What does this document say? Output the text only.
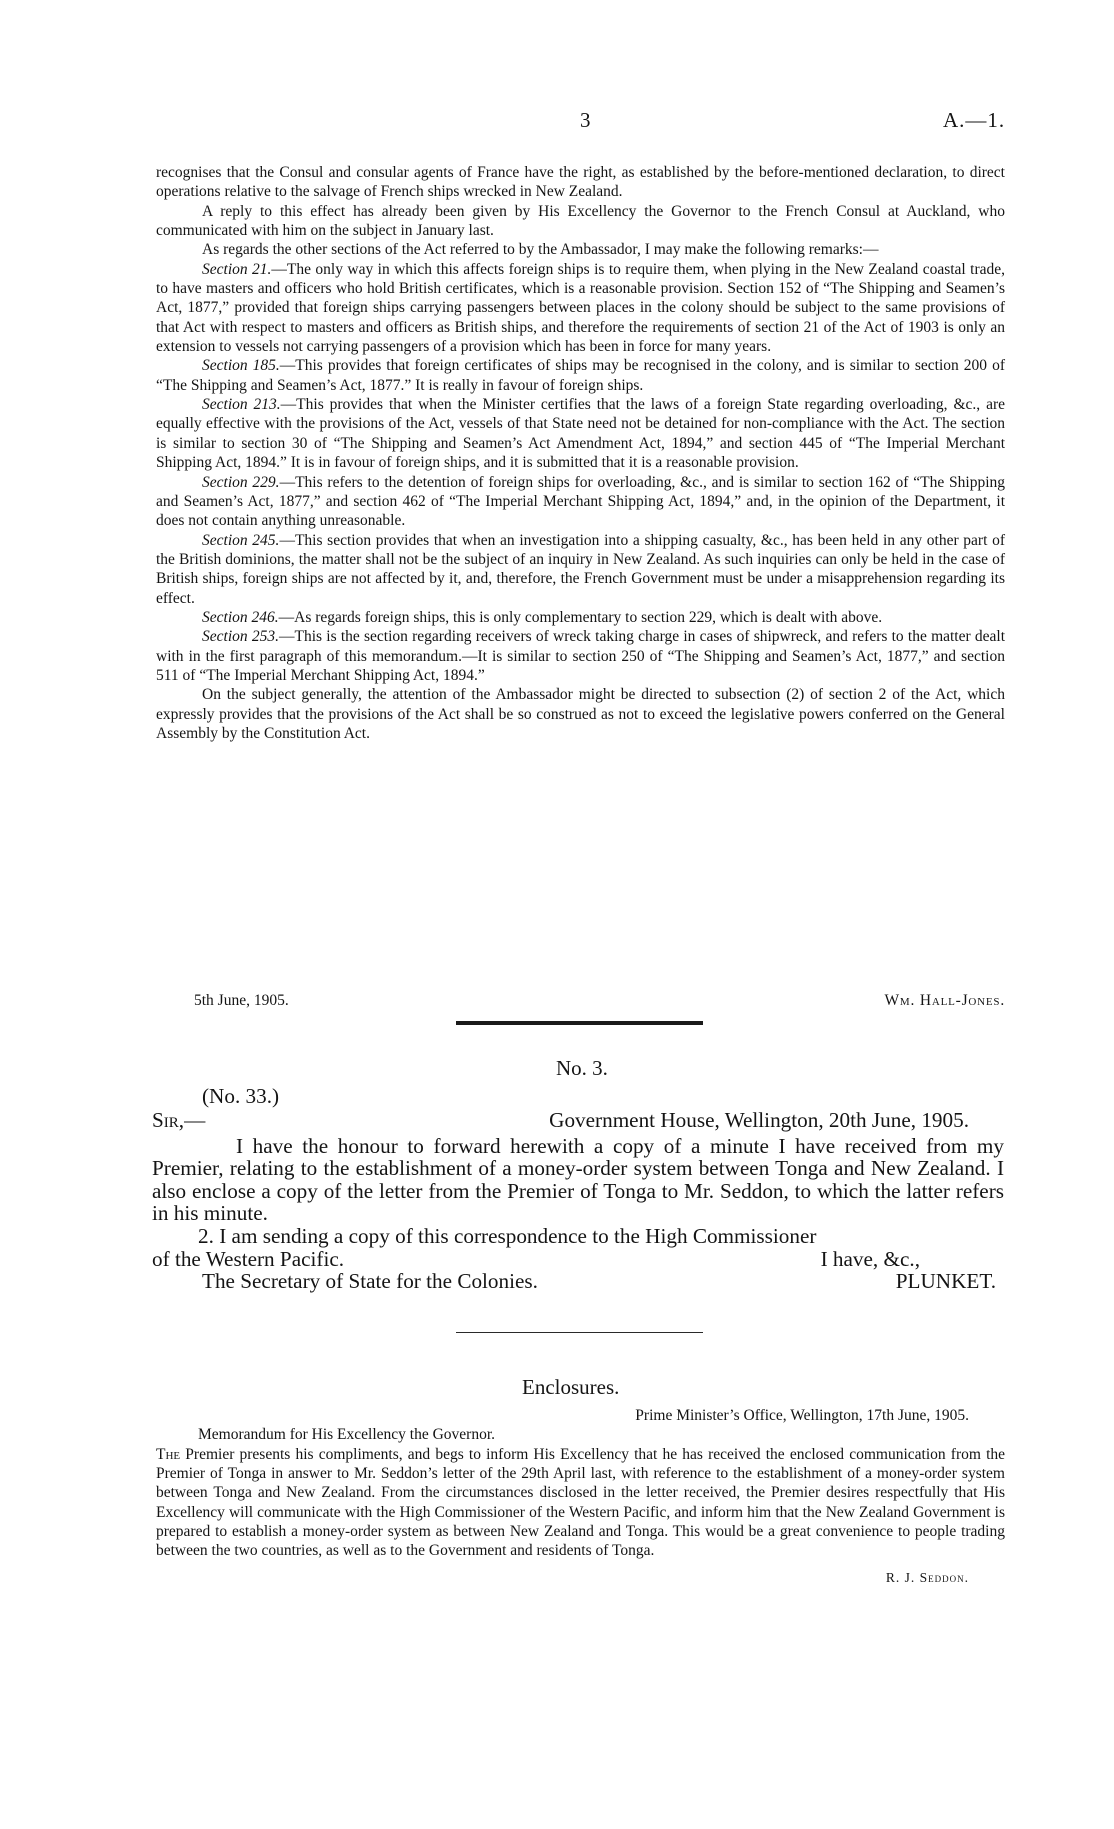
3	A.—1.

recognises that the Consul and consular agents of France have the right, as established by the before-mentioned declaration, to direct operations relative to the salvage of French ships wrecked in New Zealand.

A reply to this effect has already been given by His Excellency the Governor to the French Consul at Auckland, who communicated with him on the subject in January last.

As regards the other sections of the Act referred to by the Ambassador, I may make the following remarks:—

Section 21.—The only way in which this affects foreign ships is to require them, when plying in the New Zealand coastal trade, to have masters and officers who hold British certificates, which is a reasonable provision. Section 152 of “The Shipping and Seamen’s Act, 1877,” provided that foreign ships carrying passengers between places in the colony should be subject to the same provisions of that Act with respect to masters and officers as British ships, and therefore the requirements of section 21 of the Act of 1903 is only an extension to vessels not carrying passengers of a provision which has been in force for many years.

Section 185.—This provides that foreign certificates of ships may be recognised in the colony, and is similar to section 200 of “The Shipping and Seamen’s Act, 1877.” It is really in favour of foreign ships.

Section 213.—This provides that when the Minister certifies that the laws of a foreign State regarding overloading, &c., are equally effective with the provisions of the Act, vessels of that State need not be detained for non-compliance with the Act. The section is similar to section 30 of “The Shipping and Seamen’s Act Amendment Act, 1894,” and section 445 of “The Imperial Merchant Shipping Act, 1894.” It is in favour of foreign ships, and it is submitted that it is a reasonable provision.

Section 229.—This refers to the detention of foreign ships for overloading, &c., and is similar to section 162 of “The Shipping and Seamen’s Act, 1877,” and section 462 of “The Imperial Merchant Shipping Act, 1894,” and, in the opinion of the Department, it does not contain anything unreasonable.

Section 245.—This section provides that when an investigation into a shipping casualty, &c., has been held in any other part of the British dominions, the matter shall not be the subject of an inquiry in New Zealand. As such inquiries can only be held in the case of British ships, foreign ships are not affected by it, and, therefore, the French Government must be under a misapprehension regarding its effect.

Section 246.—As regards foreign ships, this is only complementary to section 229, which is dealt with above.

Section 253.—This is the section regarding receivers of wreck taking charge in cases of shipwreck, and refers to the matter dealt with in the first paragraph of this memorandum.—It is similar to section 250 of “The Shipping and Seamen’s Act, 1877,” and section 511 of “The Imperial Merchant Shipping Act, 1894.”

On the subject generally, the attention of the Ambassador might be directed to subsection (2) of section 2 of the Act, which expressly provides that the provisions of the Act shall be so construed as not to exceed the legislative powers conferred on the General Assembly by the Constitution Act.

5th June, 1905.	Wm. Hall-Jones.
No. 3.
(No. 33.)
Sir,—	Government House, Wellington, 20th June, 1905.

I have the honour to forward herewith a copy of a minute I have received from my Premier, relating to the establishment of a money-order system between Tonga and New Zealand. I also enclose a copy of the letter from the Premier of Tonga to Mr. Seddon, to which the latter refers in his minute.

2. I am sending a copy of this correspondence to the High Commissioner
of the Western Pacific.	I have, &c.,
The Secretary of State for the Colonies.	PLUNKET.
Enclosures.
Prime Minister’s Office, Wellington, 17th June, 1905.
Memorandum for His Excellency the Governor.

The Premier presents his compliments, and begs to inform His Excellency that he has received the enclosed communication from the Premier of Tonga in answer to Mr. Seddon’s letter of the 29th April last, with reference to the establishment of a money-order system between Tonga and New Zealand. From the circumstances disclosed in the letter received, the Premier desires respectfully that His Excellency will communicate with the High Commissioner of the Western Pacific, and inform him that the New Zealand Government is prepared to establish a money-order system as between New Zealand and Tonga. This would be a great convenience to people trading between the two countries, as well as to the Government and residents of Tonga.

R. J. Seddon.
